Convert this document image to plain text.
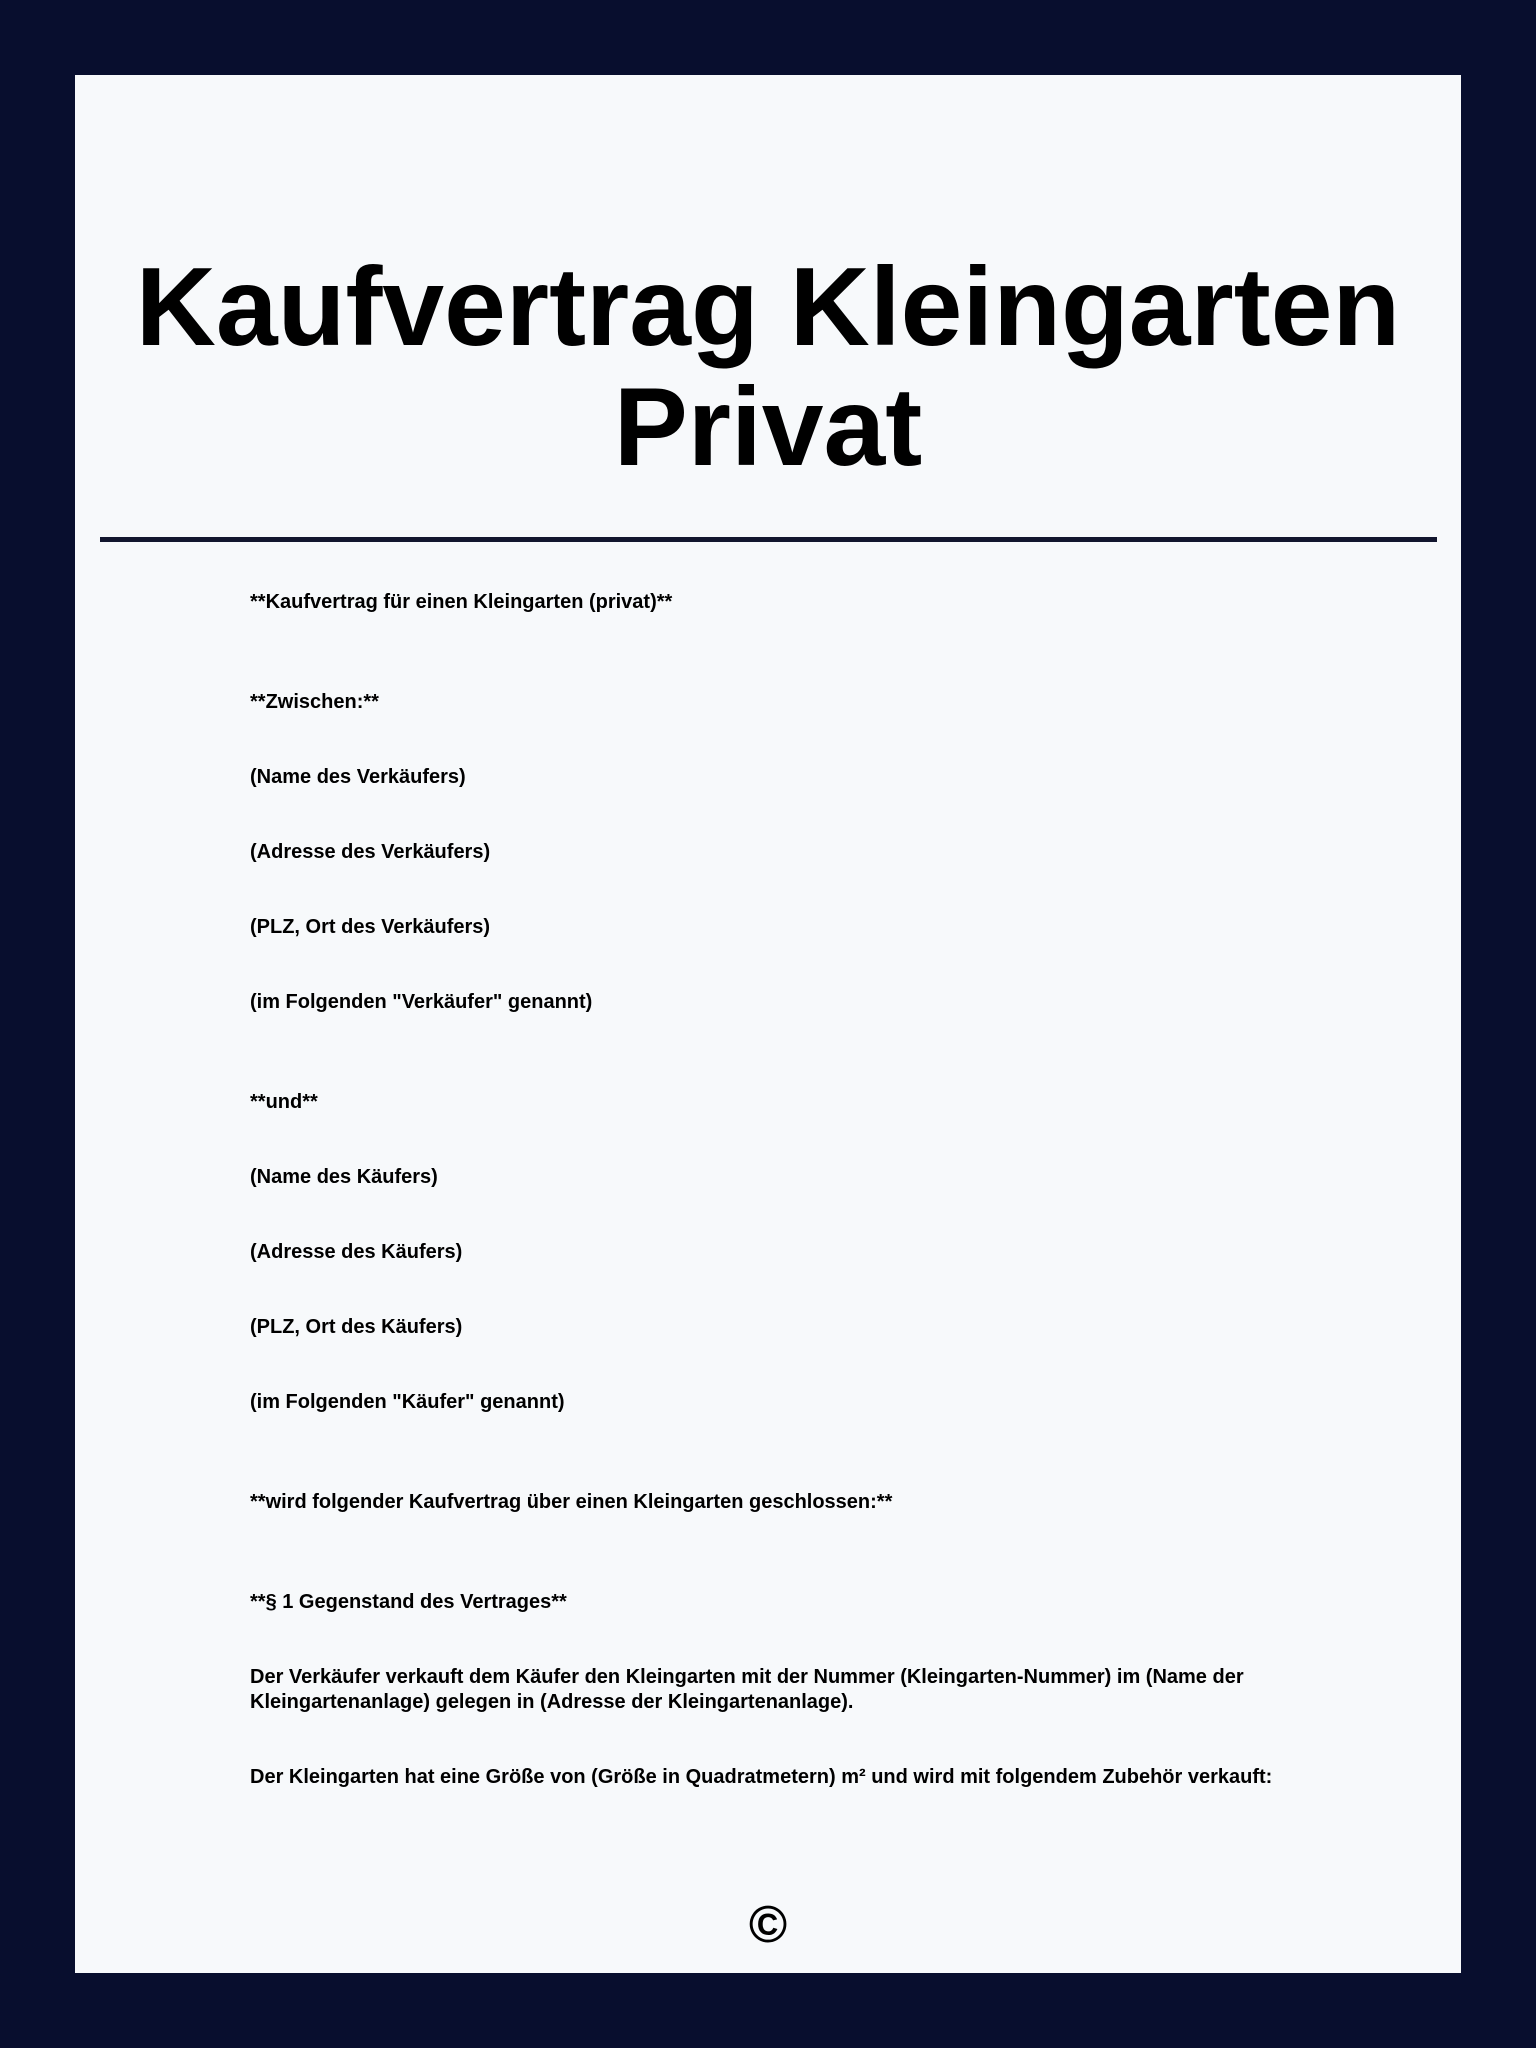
Kaufvertrag Kleingarten Privat

**Kaufvertrag für einen Kleingarten (privat)**

**Zwischen:**

(Name des Verkäufers)

(Adresse des Verkäufers)

(PLZ, Ort des Verkäufers)

(im Folgenden "Verkäufer" genannt)

**und**

(Name des Käufers)

(Adresse des Käufers)

(PLZ, Ort des Käufers)

(im Folgenden "Käufer" genannt)

**wird folgender Kaufvertrag über einen Kleingarten geschlossen:**

**§ 1 Gegenstand des Vertrages**

Der Verkäufer verkauft dem Käufer den Kleingarten mit der Nummer (Kleingarten-Nummer) im (Name der Kleingartenanlage) gelegen in (Adresse der Kleingartenanlage).

Der Kleingarten hat eine Größe von (Größe in Quadratmetern) m² und wird mit folgendem Zubehör verkauft:

©
